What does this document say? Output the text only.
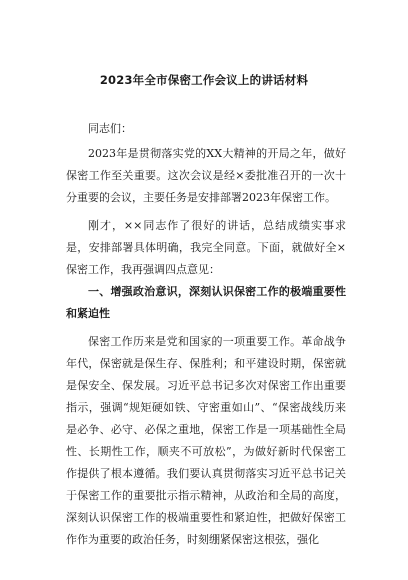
2023年全市保密工作会议上的讲话材料

同志们：

2023年是贯彻落实党的XX大精神的开局之年，做好保密工作至关重要。这次会议是经×委批准召开的一次十分重要的会议，主要任务是安排部署2023年保密工作。

刚才，××同志作了很好的讲话，总结成绩实事求是，安排部署具体明确，我完全同意。下面，就做好全×保密工作，我再强调四点意见：

一、增强政治意识，深刻认识保密工作的极端重要性和紧迫性

保密工作历来是党和国家的一项重要工作。革命战争年代，保密就是保生存、保胜利；和平建设时期，保密就是保安全、保发展。习近平总书记多次对保密工作出重要指示，强调“规矩硬如铁、守密重如山”、“保密战线历来是必争、必守、必保之重地，保密工作是一项基础性全局性、长期性工作，顺夹不可放松”，为做好新时代保密工作提供了根本遵循。我们要认真贯彻落实习近平总书记关于保密工作的重要批示指示精神，从政治和全局的高度，深刻认识保密工作的极端重要性和紧迫性，把做好保密工作作为重要的政治任务，时刻绷紧保密这根弦，强化
